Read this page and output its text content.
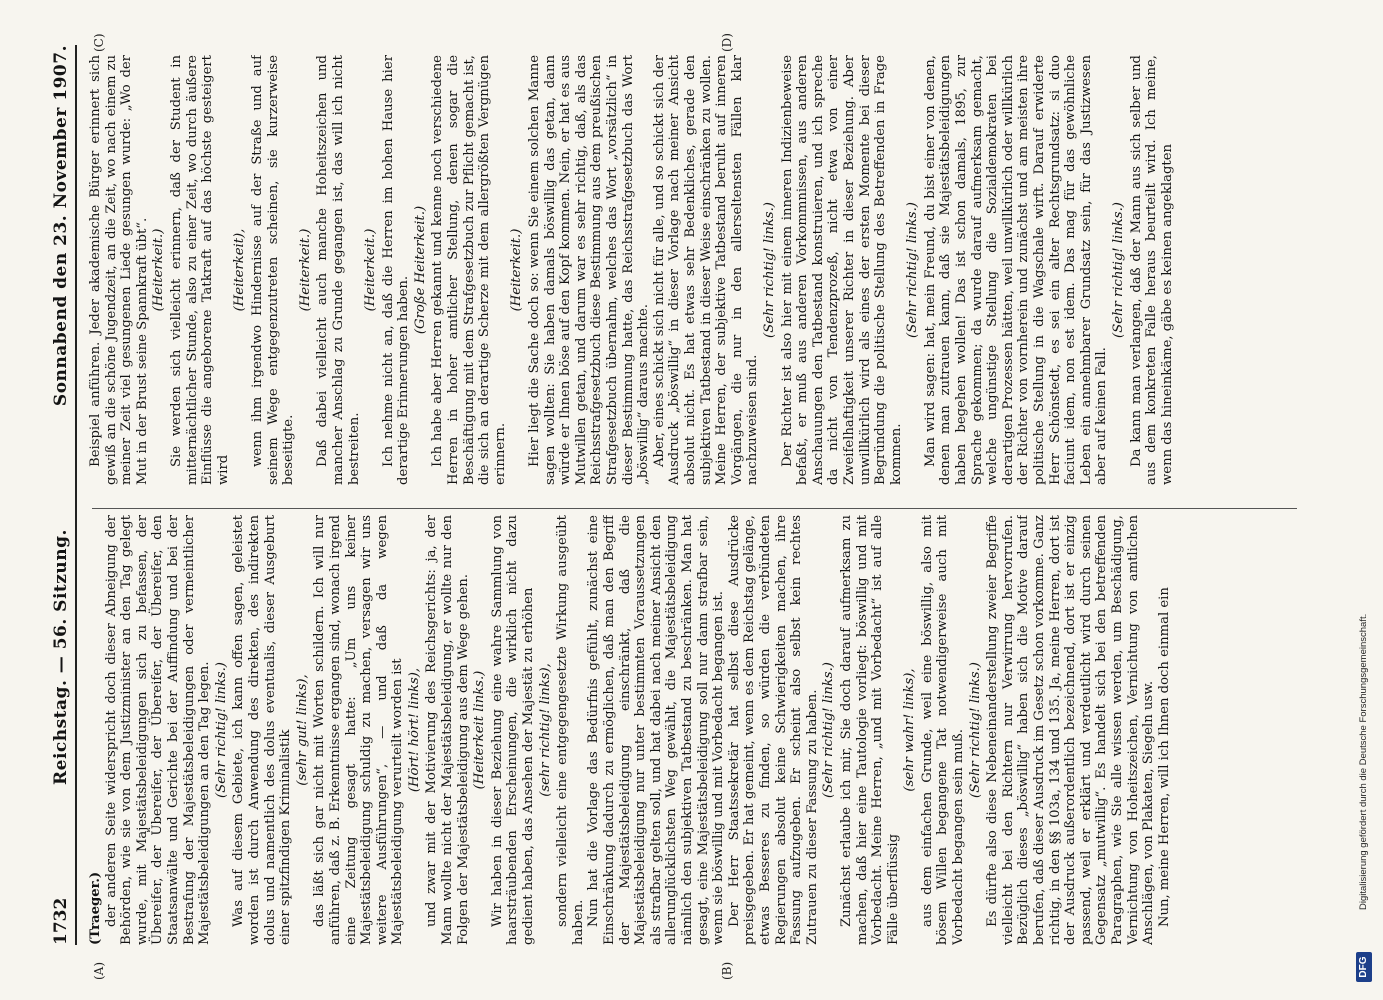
1732
Reichstag. — 56. Sitzung.
Sonnabend den 23. November 1907.
(A)	(B)
(C)	(D)

(Traeger.) der anderen Seite widerspricht doch dieser Abneigung der Behörden, wie sie von dem Justizminister an den Tag gelegt wurde, mit Majestätsbeleidigungen sich zu befassen, der Übereifer, der Übereifer, der Übereifer, der Übereifer, den Staatsanwälte und Gerichte bei der Auffindung und bei der Bestrafung der Majestätsbeleidigungen oder vermeintlicher Majestätsbeleidigungen an den Tag legen. (Sehr richtig! links.) Was auf diesem Gebiete, ich kann offen sagen, geleistet worden ist durch Anwendung des direkten, des indirekten dolus und namentlich des dolus eventualis, dieser Ausgeburt einer spitzfindigen Kriminalistik (sehr gut! links), das läßt sich gar nicht mit Worten schildern. Ich will nur anführen, daß z. B. Erkenntnisse ergangen sind, wonach irgend eine Zeitung gesagt hatte: „Um uns keiner Majestätsbeleidigung schuldig zu machen, versagen wir uns weitere Ausführungen“, — und daß da wegen Majestätsbeleidigung verurteilt worden ist (Hört! hört! links), und zwar mit der Motivierung des Reichsgerichts: ja, der Mann wollte nicht der Majestätsbeleidigung, er wollte nur den Folgen der Majestätsbeleidigung aus dem Wege gehen. (Heiterkeit links.) Wir haben in dieser Beziehung eine wahre Sammlung von haarsträubenden Erscheinungen, die wirklich nicht dazu gedient haben, das Ansehen der Majestät zu erhöhen (sehr richtig! links), sondern vielleicht eine entgegengesetzte Wirkung ausgeübt haben. Nun hat die Vorlage das Bedürfnis gefühlt, zunächst eine Einschränkung dadurch zu ermöglichen, daß man den Begriff der Majestätsbeleidigung einschränkt, daß die Majestätsbeleidigung nur unter bestimmten Voraussetzungen als strafbar gelten soll, und hat dabei nach meiner Ansicht den allerunglücklichsten Weg gewählt, die Majestätsbeleidigung nämlich den subjektiven Tatbestand zu beschränken. Man hat gesagt, eine Majestätsbeleidigung soll nur dann strafbar sein, wenn sie böswillig und mit Vorbedacht begangen ist. Der Herr Staatssekretär hat selbst diese Ausdrücke preisgegeben. Er hat gemeint, wenn es dem Reichstag gelänge, etwas Besseres zu finden, so würden die verbündeten Regierungen absolut keine Schwierigkeiten machen, ihre Fassung aufzugeben. Er scheint also selbst kein rechtes Zutrauen zu dieser Fassung zu haben. (Sehr richtig! links.) Zunächst erlaube ich mir, Sie doch darauf aufmerksam zu machen, daß hier eine Tautologie vorliegt: böswillig und mit Vorbedacht. Meine Herren, „und mit Vorbedacht“ ist auf alle Fälle überflüssig

(sehr wahr! links), aus dem einfachen Grunde, weil eine böswillig, also mit bösem Willen begangene Tat notwendigerweise auch mit Vorbedacht begangen sein muß. (Sehr richtig! links.) Es dürfte also diese Nebeneinanderstellung zweier Begriffe vielleicht bei den Richtern nur Verwirrung hervorrufen. Bezüglich dieses „böswillig“ haben sich die Motive darauf berufen, daß dieser Ausdruck im Gesetz schon vorkomme. Ganz richtig, in den §§ 103a, 134 und 135. Ja, meine Herren, dort ist der Ausdruck außerordentlich bezeichnend, dort ist er einzig passend, weil er erklärt und verdeutlicht wird durch seinen Gegensatz „mutwillig“. Es handelt sich bei den betreffenden Paragraphen, wie Sie alle wissen werden, um Beschädigung, Vernichtung von Hoheitszeichen, Vernichtung von amtlichen Anschlägen, von Plakaten, Siegeln usw. Nun, meine Herren, will ich Ihnen doch einmal ein

Beispiel anführen. Jeder akademische Bürger erinnert sich gewiß an die schöne Jugendzeit, an die Zeit, wo nach einem zu meiner Zeit viel gesungenen Liede gesungen wurde: „Wo der Mut in der Brust seine Spannkraft übt“. (Heiterkeit.) Sie werden sich vielleicht erinnern, daß der Student in mitternächtlicher Stunde, also zu einer Zeit, wo durch äußere Einflüsse die angeborene Tatkraft auf das höchste gesteigert wird

(Heiterkeit), wenn ihm irgendwo Hindernisse auf der Straße und auf seinem Wege entgegenzutreten scheinen, sie kurzerweise beseitigte.

(Heiterkeit.) Daß dabei vielleicht auch manche Hoheitszeichen und mancher Anschlag zu Grunde gegangen ist, das will ich nicht bestreiten.

(Heiterkeit.) Ich nehme nicht an, daß die Herren im hohen Hause hier derartige Erinnerungen haben.

(Große Heiterkeit.) Ich habe aber Herren gekannt und kenne noch verschiedene Herren in hoher amtlicher Stellung, denen sogar die Beschäftigung mit dem Strafgesetzbuch zur Pflicht gemacht ist, die sich an derartige Scherze mit dem allergrößten Vergnügen erinnern.

(Heiterkeit.) Hier liegt die Sache doch so: wenn Sie einem solchen Manne sagen wollten: Sie haben damals böswillig das getan, dann würde er Ihnen böse auf den Kopf kommen. Nein, er hat es aus Mutwillen getan, und darum war es sehr richtig, daß, als das Reichsstrafgesetzbuch diese Bestimmung aus dem preußischen Strafgesetzbuch übernahm, welches das Wort „vorsätzlich“ in dieser Bestimmung hatte, das Reichsstrafgesetzbuch das Wort „böswillig“ daraus machte. Aber, eines schickt sich nicht für alle, und so schickt sich der Ausdruck „böswillig“ in dieser Vorlage nach meiner Ansicht absolut nicht. Es hat etwas sehr Bedenkliches, gerade den subjektiven Tatbestand in dieser Weise einschränken zu wollen. Meine Herren, der subjektive Tatbestand beruht auf inneren Vorgängen, die nur in den allerseltensten Fällen klar nachzuweisen sind.

(Sehr richtig! links.) Der Richter ist also hier mit einem inneren Indizienbeweise befaßt, er muß aus anderen Vorkommnissen, aus anderen Anschauungen den Tatbestand konstruieren, und ich spreche da nicht von Tendenzprozeß, nicht etwa von einer Zweifelhaftigkeit unserer Richter in dieser Beziehung. Aber unwillkürlich wird als eines der ersten Momente bei dieser Begründung die politische Stellung des Betreffenden in Frage kommen.

(Sehr richtig! links.) Man wird sagen: hat, mein Freund, du bist einer von denen, denen man zutrauen kann, daß sie Majestätsbeleidigungen haben begehen wollen! Das ist schon damals, 1895, zur Sprache gekommen; da wurde darauf aufmerksam gemacht, welche ungünstige Stellung die Sozialdemokraten bei derartigen Prozessen hätten, weil unwillkürlich oder willkürlich der Richter von vornherein und zunächst und am meisten ihre politische Stellung in die Wagschale wirft. Darauf erwiderte Herr Schönstedt, es sei ein alter Rechtsgrundsatz: si duo faciunt idem, non est idem. Das mag für das gewöhnliche Leben ein annehmbarer Grundsatz sein, für das Justizwesen aber auf keinen Fall.

(Sehr richtig! links.) Da kann man verlangen, daß der Mann aus sich selber und aus dem konkreten Falle heraus beurteilt wird. Ich meine, wenn das hineinkäme, gäbe es keinen angeklagten

DFG
Digitalisierung gefördert durch die Deutsche Forschungsgemeinschaft.
